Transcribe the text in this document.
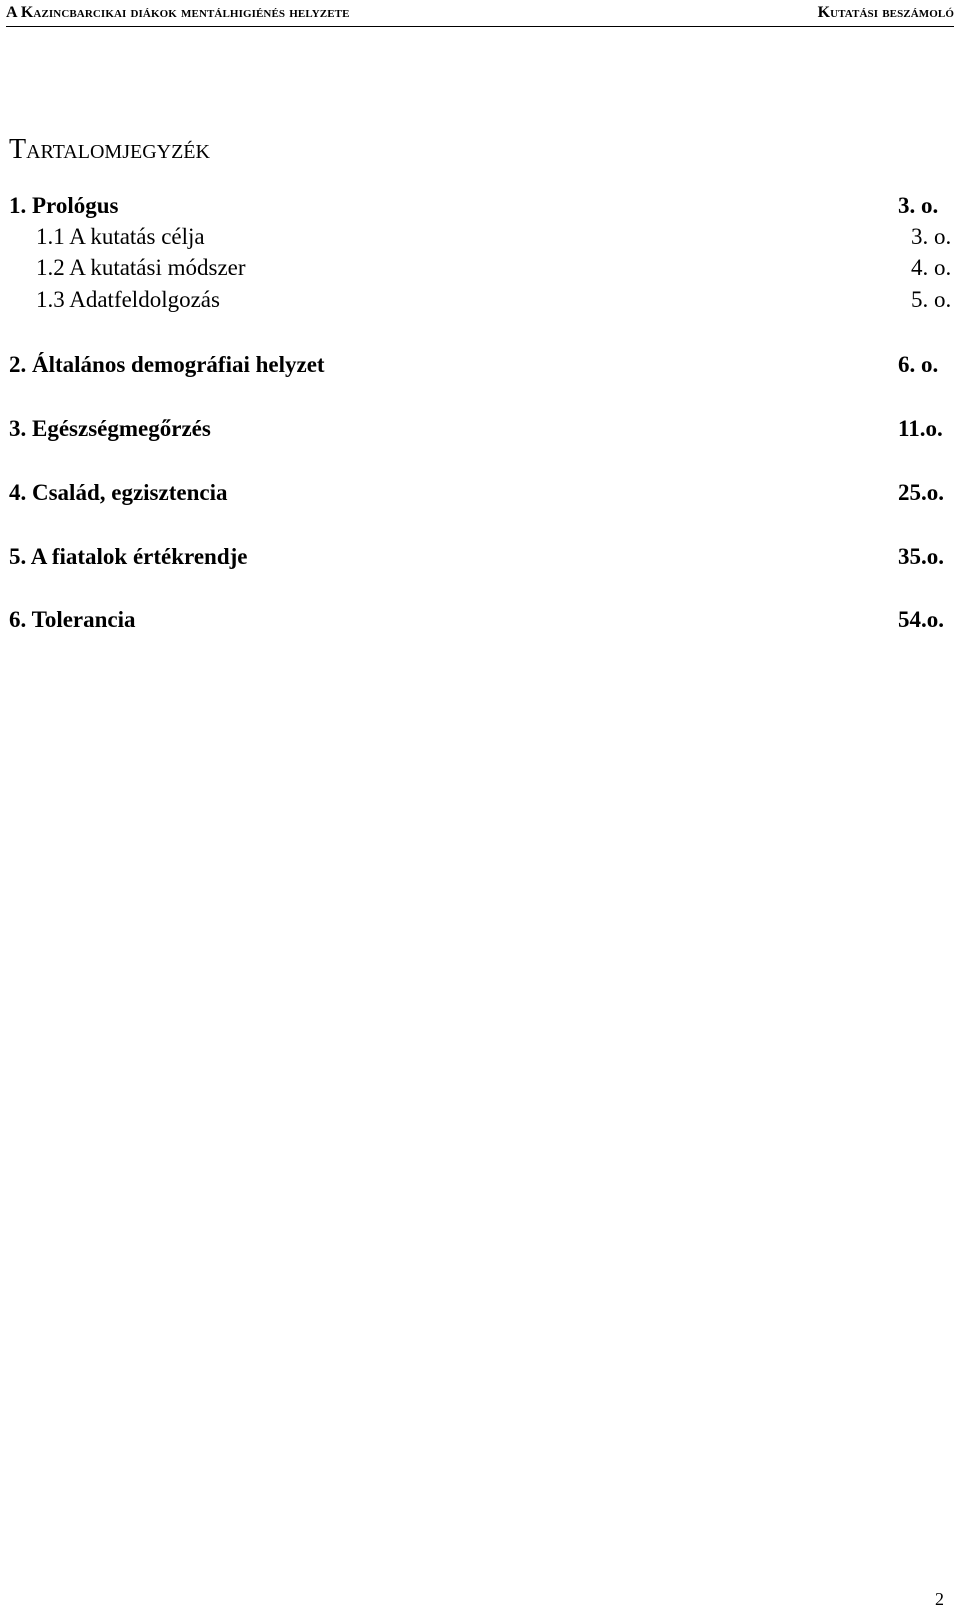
A Kazincbarcikai diákok mentálhigiénés helyzete	Kutatási beszámoló
Tartalomjegyzék
1. Prológus	3. o.
1.1 A kutatás célja	3. o.
1.2 A kutatási módszer	4. o.
1.3 Adatfeldolgozás	5. o.
2. Általános demográfiai helyzet	6. o.
3. Egészségmegőrzés	11.o.
4. Család, egzisztencia	25.o.
5. A fiatalok értékrendje	35.o.
6. Tolerancia	54.o.
2
